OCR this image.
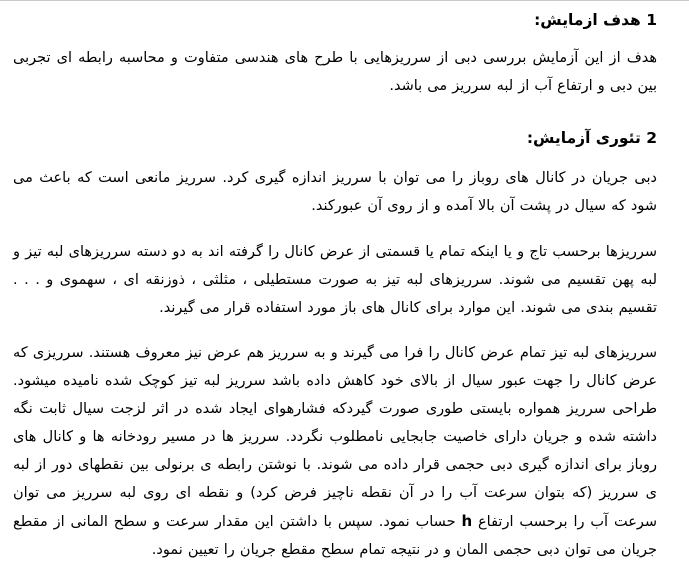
1 هدف ازمایش:

هدف از این آزمایش بررسی دبی از سرریزهایی با طرح های هندسی متفاوت و محاسبه رابطه ای تجربی بین دبی و ارتفاع آب از لبه سرریز می باشد.

2 تئوری آزمایش:

دبی جریان در کانال های روباز را می توان با سرریز اندازه گیری کرد. سرریز مانعی است که باعث می شود که سیال در پشت آن بالا آمده و از روی آن عبورکند.

سرریزها برحسب تاج و یا اینکه تمام یا قسمتی از عرض کانال را گرفته اند به دو دسته سرریزهای لبه تیز و لبه پهن تقسیم می شوند. سرریزهای لبه تیز به صورت مستطیلی ، مثلثی ، ذوزنقه ای ، سهموی و . . . تقسیم بندی می شوند. این موارد برای کانال های باز مورد استفاده قرار می گیرند.

سرریزهای لبه تیز تمام عرض کانال را فرا می گیرند و به سرریز هم عرض نیز معروف هستند. سرریزی که عرض کانال را جهت عبور سیال از بالای خود کاهش داده باشد سرریز لبه تیز کوچک شده نامیده میشود. طراحی سرریز همواره بایستی طوری صورت گیردکه فشارهوای ایجاد شده در اثر لزجت سیال ثابت نگه داشته شده و جریان دارای خاصیت جابجایی نامطلوب نگردد. سرریز ها در مسیر رودخانه ها و کانال های روباز برای اندازه گیری دبی حجمی قرار داده می شوند. با نوشتن رابطه ی برنولی بین نقطهای دور از لبه ی سرریز (که بتوان سرعت آب را در آن نقطه ناچیز فرض کرد) و نقطه ای روی لبه سرریز می توان سرعت آب را برحسب ارتفاع h حساب نمود. سپس با داشتن این مقدار سرعت و سطح المانی از مقطع جریان می توان دبی حجمی المان و در نتیجه تمام سطح مقطع جریان را تعیین نمود.
